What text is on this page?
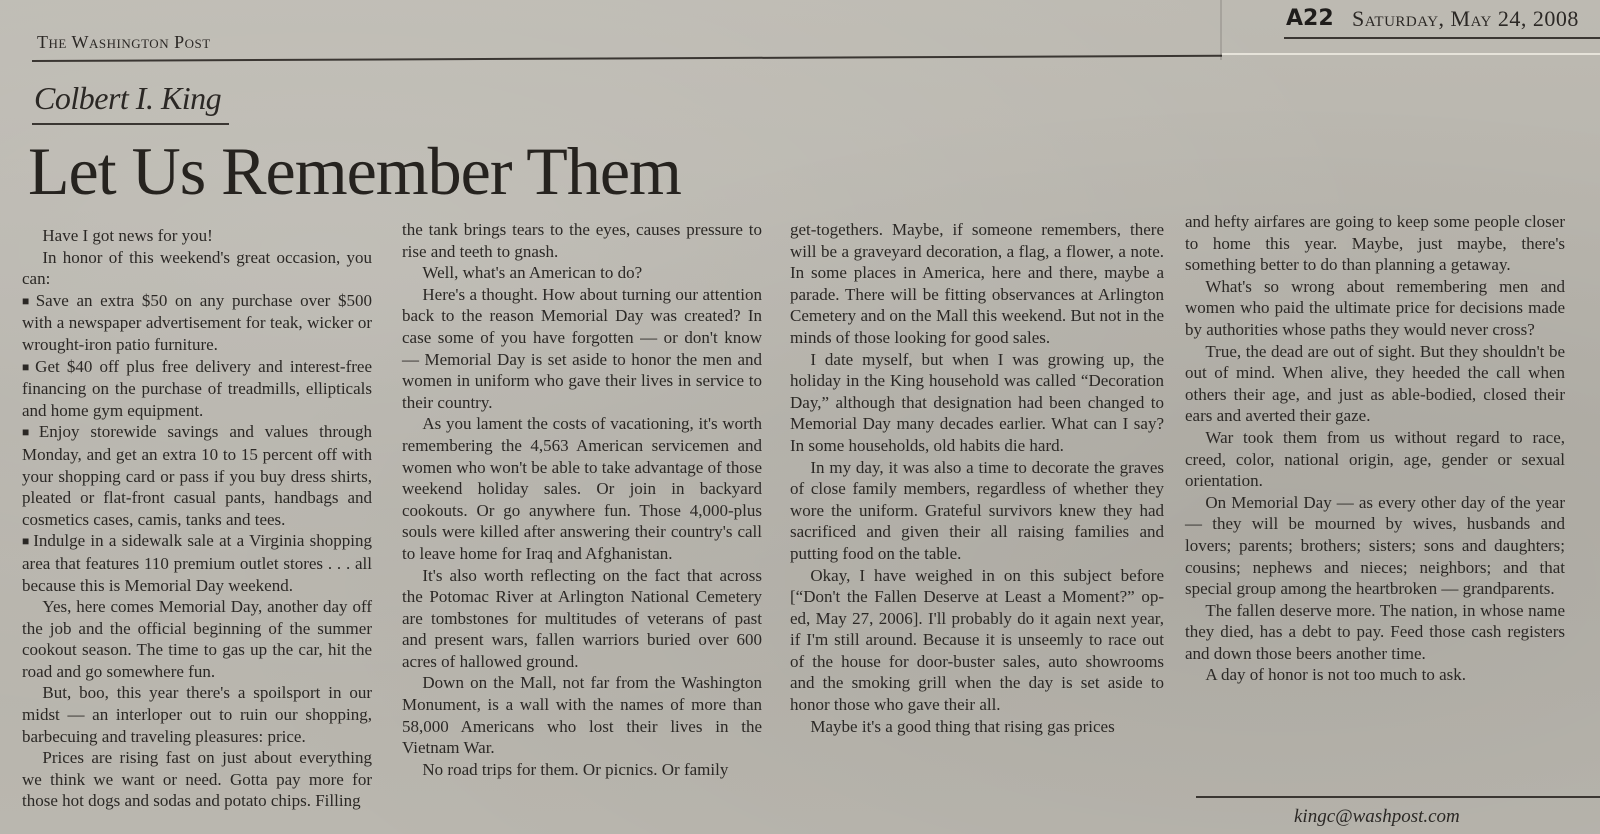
The Washington Post
A22 Saturday, May 24, 2008
Colbert I. King
Let Us Remember Them

Have I got news for you!

In honor of this weekend's great occasion, you can:

■ Save an extra $50 on any purchase over $500 with a newspaper advertisement for teak, wicker or wrought-iron patio furniture.

■ Get $40 off plus free delivery and interest-free financing on the purchase of treadmills, ellipticals and home gym equipment.

■ Enjoy storewide savings and values through Monday, and get an extra 10 to 15 percent off with your shopping card or pass if you buy dress shirts, pleated or flat-front casual pants, handbags and cosmetics cases, camis, tanks and tees.

■ Indulge in a sidewalk sale at a Virginia shopping area that features 110 premium outlet stores . . . all because this is Memorial Day weekend.

Yes, here comes Memorial Day, another day off the job and the official beginning of the summer cookout season. The time to gas up the car, hit the road and go somewhere fun.

But, boo, this year there's a spoilsport in our midst — an interloper out to ruin our shopping, barbecuing and traveling pleasures: price.

Prices are rising fast on just about everything we think we want or need. Gotta pay more for those hot dogs and sodas and potato chips. Filling

the tank brings tears to the eyes, causes pressure to rise and teeth to gnash.

Well, what's an American to do?

Here's a thought. How about turning our attention back to the reason Memorial Day was created? In case some of you have forgotten — or don't know — Memorial Day is set aside to honor the men and women in uniform who gave their lives in service to their country.

As you lament the costs of vacationing, it's worth remembering the 4,563 American servicemen and women who won't be able to take advantage of those weekend holiday sales. Or join in backyard cookouts. Or go anywhere fun. Those 4,000-plus souls were killed after answering their country's call to leave home for Iraq and Afghanistan.

It's also worth reflecting on the fact that across the Potomac River at Arlington National Cemetery are tombstones for multitudes of veterans of past and present wars, fallen warriors buried over 600 acres of hallowed ground.

Down on the Mall, not far from the Washington Monument, is a wall with the names of more than 58,000 Americans who lost their lives in the Vietnam War.

No road trips for them. Or picnics. Or family

get-togethers. Maybe, if someone remembers, there will be a graveyard decoration, a flag, a flower, a note. In some places in America, here and there, maybe a parade. There will be fitting observances at Arlington Cemetery and on the Mall this weekend. But not in the minds of those looking for good sales.

I date myself, but when I was growing up, the holiday in the King household was called “Decoration Day,” although that designation had been changed to Memorial Day many decades earlier. What can I say? In some households, old habits die hard.

In my day, it was also a time to decorate the graves of close family members, regardless of whether they wore the uniform. Grateful survivors knew they had sacrificed and given their all raising families and putting food on the table.

Okay, I have weighed in on this subject before [“Don't the Fallen Deserve at Least a Moment?” op-ed, May 27, 2006]. I'll probably do it again next year, if I'm still around. Because it is unseemly to race out of the house for door-buster sales, auto showrooms and the smoking grill when the day is set aside to honor those who gave their all.

Maybe it's a good thing that rising gas prices

and hefty airfares are going to keep some people closer to home this year. Maybe, just maybe, there's something better to do than planning a getaway.

What's so wrong about remembering men and women who paid the ultimate price for decisions made by authorities whose paths they would never cross?

True, the dead are out of sight. But they shouldn't be out of mind. When alive, they heeded the call when others their age, and just as able-bodied, closed their ears and averted their gaze.

War took them from us without regard to race, creed, color, national origin, age, gender or sexual orientation.

On Memorial Day — as every other day of the year — they will be mourned by wives, husbands and lovers; parents; brothers; sisters; sons and daughters; cousins; nephews and nieces; neighbors; and that special group among the heartbroken — grandparents.

The fallen deserve more. The nation, in whose name they died, has a debt to pay. Feed those cash registers and down those beers another time.

A day of honor is not too much to ask.

kingc@washpost.com
